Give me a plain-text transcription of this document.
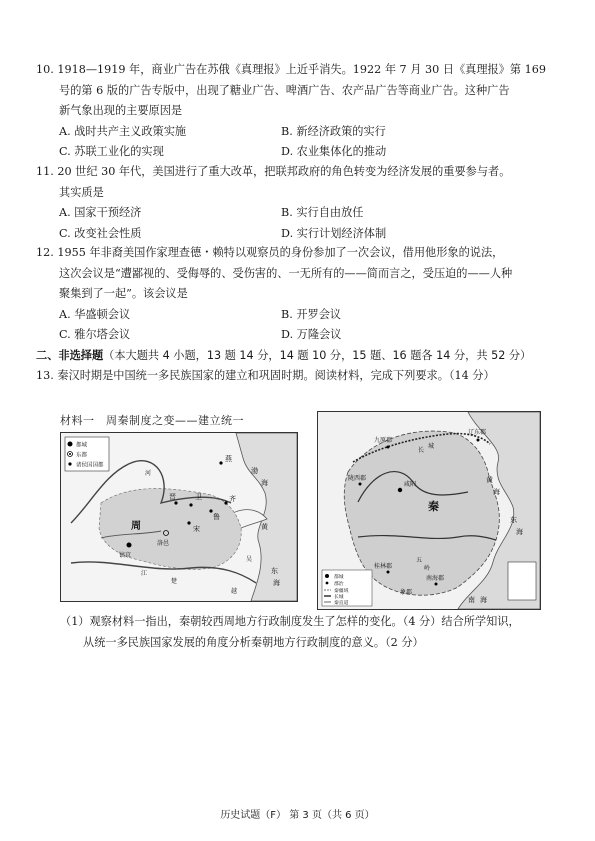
10. 1918—1919 年，商业广告在苏俄《真理报》上近乎消失。1922 年 7 月 30 日《真理报》第 169

号的第 6 版的广告专版中，出现了糖业广告、啤酒广告、农产品广告等商业广告。这种广告

新气象出现的主要原因是

A. 战时共产主义政策实施	B. 新经济政策的实行
C. 苏联工业化的实现	D. 农业集体化的推动

11. 20 世纪 30 年代，美国进行了重大改革，把联邦政府的角色转变为经济发展的重要参与者。

其实质是

A. 国家干预经济	B. 实行自由放任
C. 改变社会性质	D. 实行计划经济体制

12. 1955 年非裔美国作家理查德・赖特以观察员的身份参加了一次会议，借用他形象的说法，

这次会议是“遭鄙视的、受侮辱的、受伤害的、一无所有的——简而言之，受压迫的——人种

聚集到了一起”。该会议是

A. 华盛顿会议	B. 开罗会议
C. 雅尔塔会议	D. 万隆会议

二、非选择题（本大题共 4 小题，13 题 14 分，14 题 10 分，15 题、16 题各 14 分，共 52 分）

13. 秦汉时期是中国统一多民族国家的建立和巩固时期。阅读材料，完成下列要求。（14 分）

材料一　周秦制度之变——建立统一
都城
东都
诸侯国国都
周
镐京
洛邑
燕
齐
鲁
宋
晋	卫
黄
渤
海
河
江	东
海
吴
越
楚
都城
郡治
秦疆域
长城
秦直道
九原郡
辽东郡
陇西郡
咸阳
秦
桂林郡
南海郡
象郡
黄
海
东
海
南 海
五
岭
长
城

（1）观察材料一指出，秦朝较西周地方行政制度发生了怎样的变化。（4 分）结合所学知识，

从统一多民族国家发展的角度分析秦朝地方行政制度的意义。（2 分）

历史试题（F） 第 3 页（共 6 页）
